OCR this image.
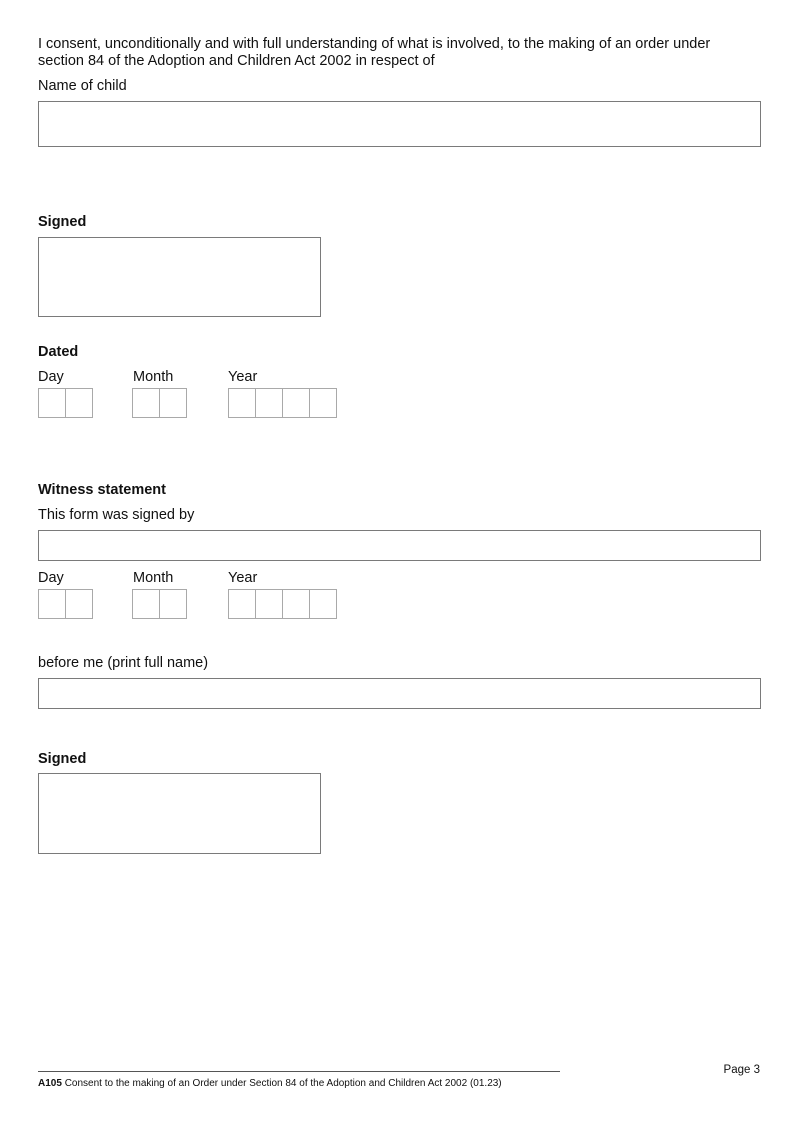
I consent, unconditionally and with full understanding of what is involved, to the making of an order under
section 84 of the Adoption and Children Act 2002 in respect of
Name of child
Signed
Dated
Day	Month	Year
Witness statement
This form was signed by
Day	Month	Year
before me (print full name)
Signed
Page 3
A105 Consent to the making of an Order under Section 84 of the Adoption and Children Act 2002 (01.23)
